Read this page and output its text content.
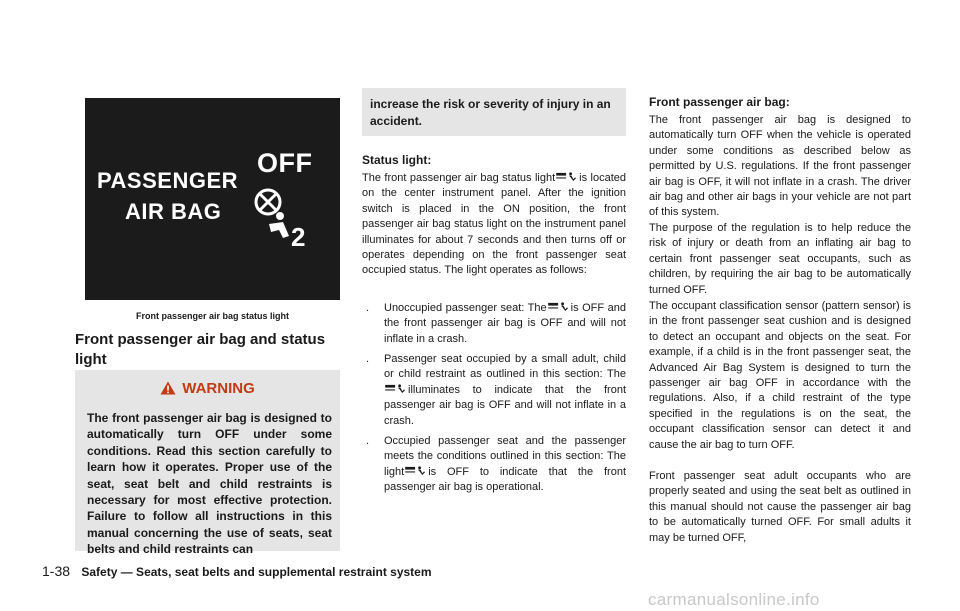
PASSENGER
AIR BAG
OFF
2
Front passenger air bag status light
Front passenger air bag and status light
WARNING
The front passenger air bag is designed to automatically turn OFF under some conditions. Read this section carefully to learn how it operates. Proper use of the seat, seat belt and child restraints is necessary for most effective protection. Failure to follow all instructions in this manual concerning the use of seats, seat belts and child restraints can
increase the risk or severity of injury in an accident.
Status light:

The front passenger air bag status light is located on the center instrument panel. After the ignition switch is placed in the ON position, the front passenger air bag status light on the instrument panel illuminates for about 7 seconds and then turns off or operates depending on the front passenger seat occupied status. The light operates as follows:

. Unoccupied passenger seat: The is OFF and the front passenger air bag is OFF and will not inflate in a crash.
. Passenger seat occupied by a small adult, child or child restraint as outlined in this section: Theilluminates to indicate that the front passenger air bag is OFF and will not inflate in a crash.
. Occupied passenger seat and the passenger meets the conditions outlined in this section: The light is OFF to indicate that the front passenger air bag is operational.
Front passenger air bag:

The front passenger air bag is designed to automatically turn OFF when the vehicle is operated under some conditions as described below as permitted by U.S. regulations. If the front passenger air bag is OFF, it will not inflate in a crash. The driver air bag and other air bags in your vehicle are not part of this system.

The purpose of the regulation is to help reduce the risk of injury or death from an inflating air bag to certain front passenger seat occupants, such as children, by requiring the air bag to be automatically turned OFF.

The occupant classification sensor (pattern sensor) is in the front passenger seat cushion and is designed to detect an occupant and objects on the seat. For example, if a child is in the front passenger seat, the Advanced Air Bag System is designed to turn the passenger air bag OFF in accordance with the regulations. Also, if a child restraint of the type specified in the regulations is on the seat, the occupant classification sensor can detect it and cause the air bag to turn OFF.

Front passenger seat adult occupants who are properly seated and using the seat belt as outlined in this manual should not cause the passenger air bag to be automatically turned OFF. For small adults it may be turned OFF,

1-38 Safety — Seats, seat belts and supplemental restraint system
carmanualsonline.info
